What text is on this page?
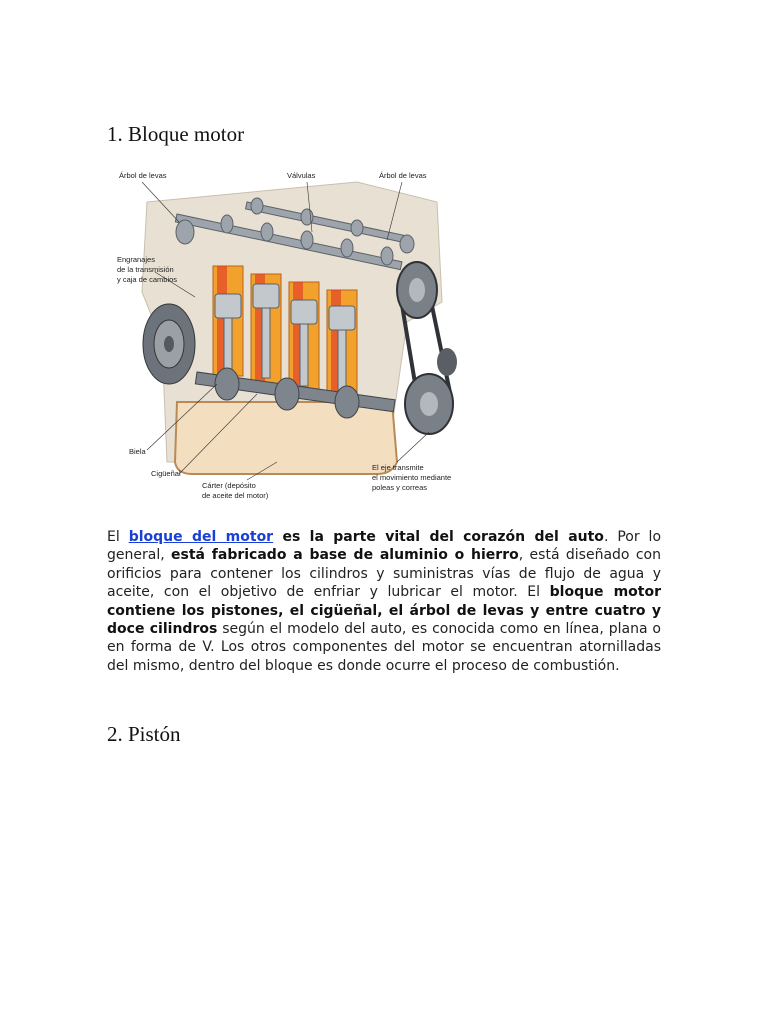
1. Bloque motor
Árbol de levas	Válvulas	Árbol de levas
Engranajes
de la transmisión
y caja de cambios
Biela
Cigüeñal
Cárter (depósito
de aceite del motor)
El eje transmite
el movimiento mediante
poleas y correas

El bloque del motor es la parte vital del corazón del auto. Por lo general, está fabricado a base de aluminio o hierro, está diseñado con orificios para contener los cilindros y suministras vías de flujo de agua y aceite, con el objetivo de enfriar y lubricar el motor. El bloque motor contiene los pistones, el cigüeñal, el árbol de levas y entre cuatro y doce cilindros según el modelo del auto, es conocida como en línea, plana o en forma de V. Los otros componentes del motor se encuentran atornilladas del mismo, dentro del bloque es donde ocurre el proceso de combustión.

2. Pistón
